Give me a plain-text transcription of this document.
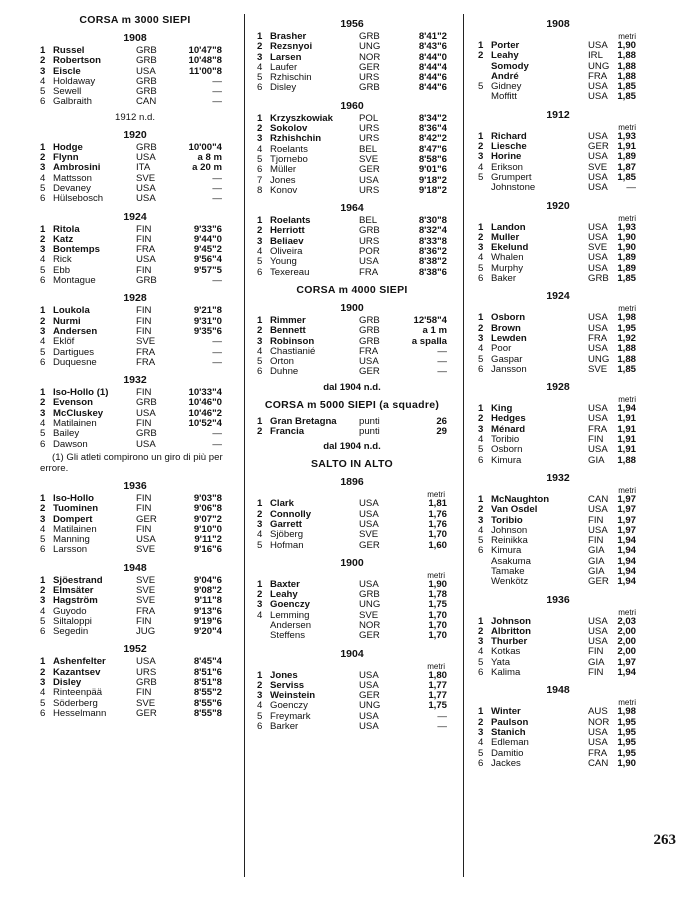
CORSA m 3000 SIEPI
1908
1 Russel	GRB	10'47"8
2 Robertson	GRB	10'48"8
3 Eiscle	USA	11'00"8
4 Holdaway	GRB	—
5 Sewell	GRB	—
6 Galbraith	CAN	—
1912 n.d.
1920
1 Hodge	GRB	10'00"4
2 Flynn	USA	a 8 m
3 Ambrosini	ITA	a 20 m
4 Mattsson	SVE	—
5 Devaney	USA	—
6 Hülsebosch	USA	—
1924
1 Ritola	FIN	9'33"6
2 Katz	FIN	9'44"0
3 Bontemps	FRA	9'45"2
4 Rick	USA	9'56"4
5 Ebb	FIN	9'57"5
6 Montague	GRB	—
1928
1 Loukola	FIN	9'21"8
2 Nurmi	FIN	9'31"0
3 Andersen	FIN	9'35"6
4 Eklöf	SVE	—
5 Dartigues	FRA	—
6 Duquesne	FRA	—
1932
1 Iso-Hollo (1)	FIN	10'33"4
2 Evenson	GRB	10'46"0
3 McCluskey	USA	10'46"2
4 Matilainen	FIN	10'52"4
5 Bailey	GRB	—
6 Dawson	USA	—
(1) Gli atleti compirono un giro di più per errore.
1936
1 Iso-Hollo	FIN	9'03"8
2 Tuominen	FIN	9'06"8
3 Dompert	GER	9'07"2
4 Matilainen	FIN	9'10"0
5 Manning	USA	9'11"2
6 Larsson	SVE	9'16"6
1948
1 Sjöestrand	SVE	9'04"6
2 Elmsäter	SVE	9'08"2
3 Hagström	SVE	9'11"8
4 Guyodo	FRA	9'13"6
5 Siltaloppi	FIN	9'19"6
6 Segedin	JUG	9'20"4
1952
1 Ashenfelter	USA	8'45"4
2 Kazantsev	URS	8'51"6
3 Disley	GRB	8'51"8
4 Rinteenpää	FIN	8'55"2
5 Söderberg	SVE	8'55"6
6 Hesselmann	GER	8'55"8
1956
1 Brasher	GRB	8'41"2
2 Rezsnyoi	UNG	8'43"6
3 Larsen	NOR	8'44"0
4 Laufer	GER	8'44"4
5 Rzhischin	URS	8'44"6
6 Disley	GRB	8'44"6
1960
1 Krzyszkowiak	POL	8'34"2
2 Sokolov	URS	8'36"4
3 Rzhishchin	URS	8'42"2
4 Roelants	BEL	8'47"6
5 Tjornebo	SVE	8'58"6
6 Müller	GER	9'01"6
7 Jones	USA	9'18"2
8 Konov	URS	9'18"2
1964
1 Roelants	BEL	8'30"8
2 Herriott	GRB	8'32"4
3 Beliaev	URS	8'33"8
4 Oliveira	POR	8'36"2
5 Young	USA	8'38"2
6 Texereau	FRA	8'38"6
CORSA m 4000 SIEPI
1900
1 Rimmer	GRB	12'58"4
2 Bennett	GRB	a 1 m
3 Robinson	GRB	a spalla
4 Chastianié	FRA	—
5 Orton	USA	—
6 Duhne	GER	—
dal 1904 n.d.
CORSA m 5000 SIEPI (a squadre)
1 Gran Bretagna punti	26
2 Francia	punti	29
dal 1904 n.d.
SALTO IN ALTO
1896
metri
1 Clark	USA	1,81
2 Connolly	USA	1,76
3 Garrett	USA	1,76
4 Sjöberg	SVE	1,70
5 Hofman	GER	1,60
1900
metri
1 Baxter	USA	1,90
2 Leahy	GRB	1,78
3 Goenczy	UNG	1,75
4 Lemming	SVE	1,70
Andersen	NOR	1,70
Steffens	GER	1,70
1904
metri
1 Jones	USA	1,80
2 Serviss	USA	1,77
3 Weinstein	GER	1,77
4 Goenczy	UNG	1,75
5 Freymark	USA	—
6 Barker	USA	—
1908
metri
1 Porter	USA 1,90
2 Leahy	IRL	1,88
Somody	UNG 1,88
André	FRA	1,88
5 Gidney	USA 1,85
Moffitt	USA 1,85
1912
metri
1 Richard	USA 1,93
2 Liesche	GER 1,91
3 Horine	USA 1,89
4 Erikson	SVE	1,87
5 Grumpert	USA 1,85
Johnstone	USA	—
1920
metri
1 Landon	USA 1,93
2 Muller	USA 1,90
3 Ekelund	SVE	1,90
4 Whalen	USA 1,89
5 Murphy	USA 1,89
6 Baker	GRB 1,85
1924
metri
1 Osborn	USA 1,98
2 Brown	USA 1,95
3 Lewden	FRA	1,92
4 Poor	USA 1,88
5 Gaspar	UNG 1,88
6 Jansson	SVE	1,85
1928
metri
1 King	USA 1,94
2 Hedges	USA 1,91
3 Ménard	FRA	1,91
4 Toribio	FIN	1,91
5 Osborn	USA 1,91
6 Kimura	GIA	1,88
1932
metri
1 McNaughton	CAN 1,97
2 Van Osdel	USA 1,97
3 Toribio	FIN	1,97
4 Johnson	USA 1,97
5 Reinikka	FIN	1,94
6 Kimura	GIA	1,94
Asakuma	GIA	1,94
Tamake	GIA	1,94
Wenkötz	GER 1,94
1936
metri
1 Johnson	USA 2,03
2 Albritton	USA 2,00
3 Thurber	USA 2,00
4 Kotkas	FIN	2,00
5 Yata	GIA	1,97
6 Kalima	FIN	1,94
1948
metri
1 Winter	AUS 1,98
2 Paulson	NOR 1,95
3 Stanich	USA 1,95
4 Edleman	USA 1,95
5 Damitio	FRA	1,95
6 Jackes	CAN 1,90
263
